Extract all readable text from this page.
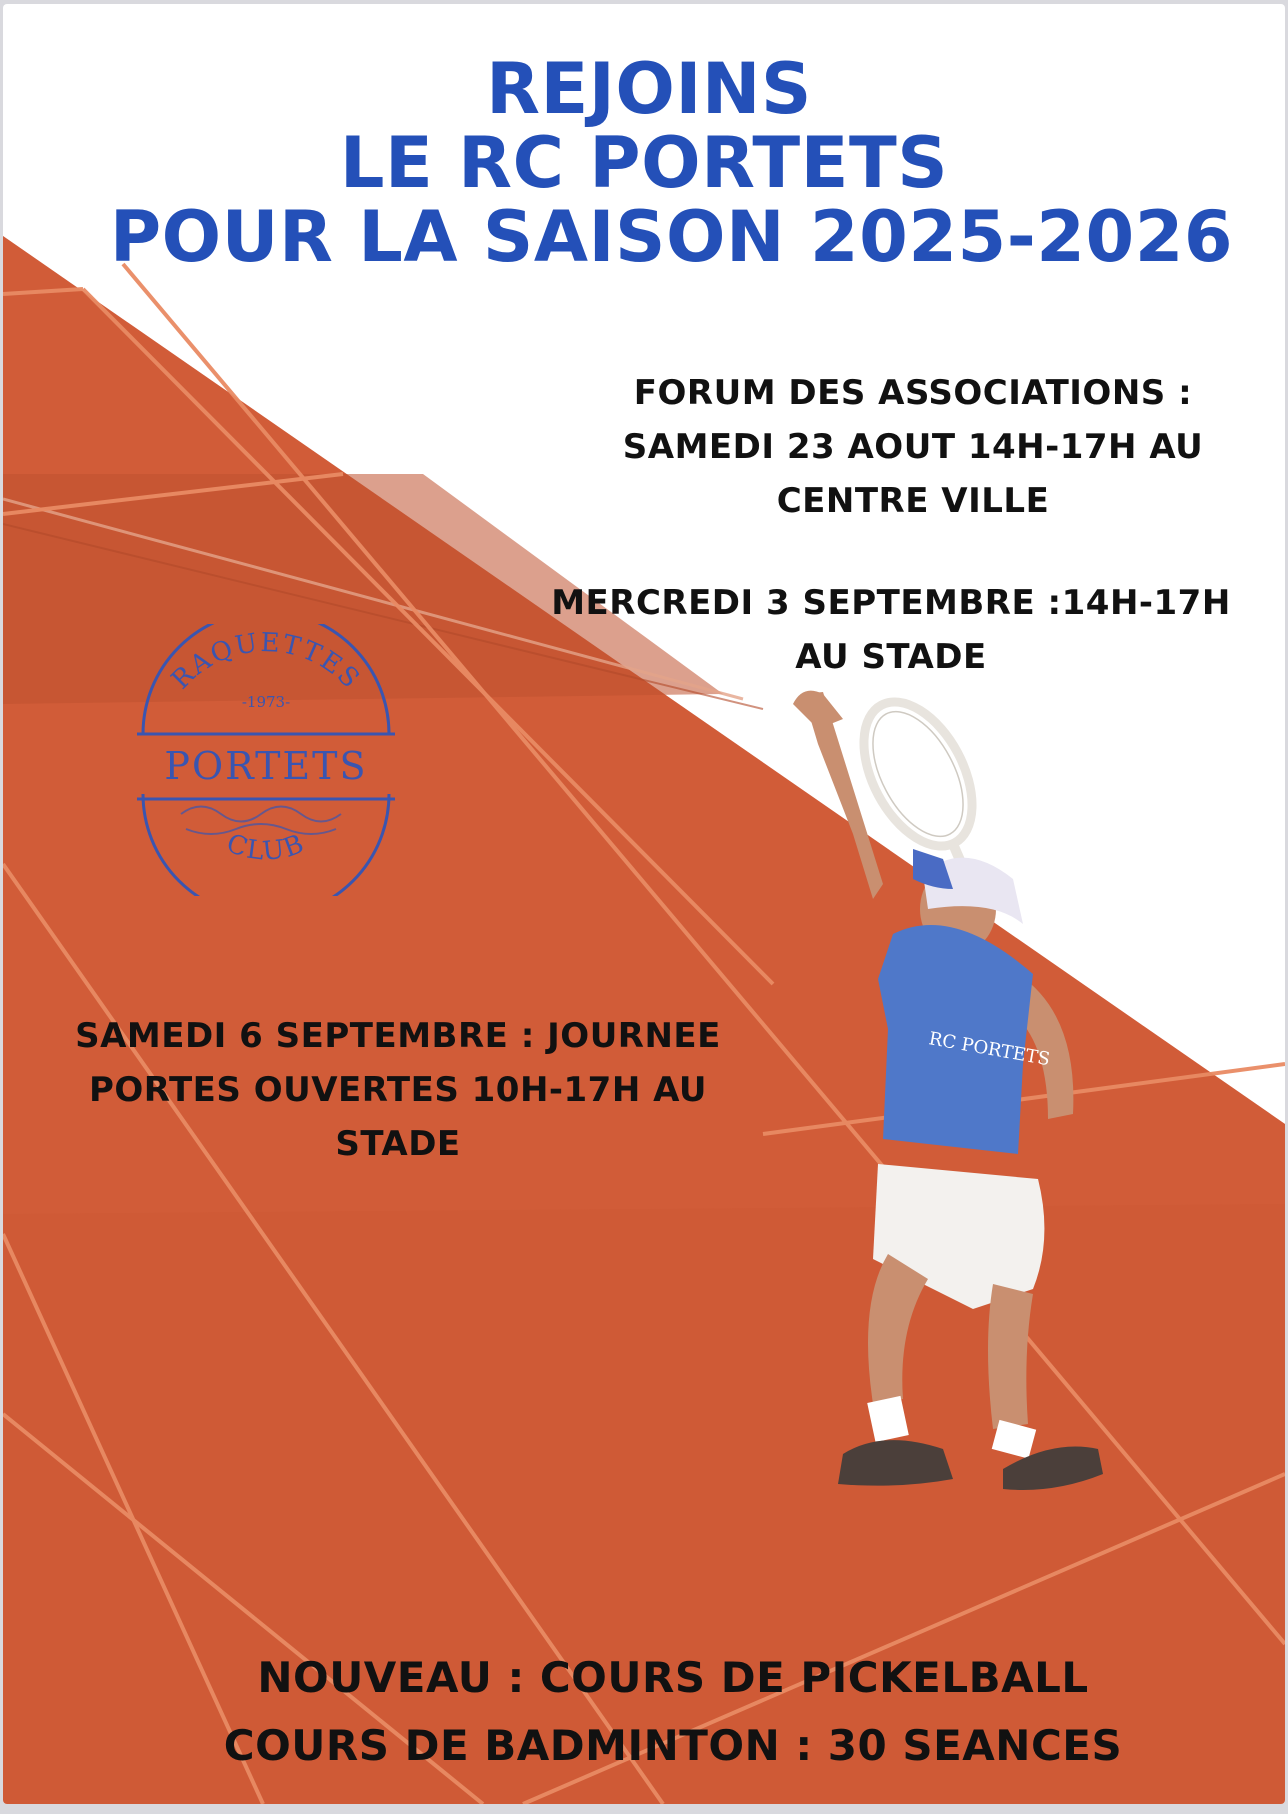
REJOINS
LE RC PORTETS
POUR LA SAISON 2025-2026
FORUM DES ASSOCIATIONS :
SAMEDI 23 AOUT 14H-17H AU
CENTRE VILLE
MERCREDI 3 SEPTEMBRE :14H-17H
AU STADE
RAQUETTES
-1973-
PORTETS
CLUB
RC PORTETS
SAMEDI 6 SEPTEMBRE : JOURNEE
PORTES OUVERTES 10H-17H AU
STADE
NOUVEAU : COURS DE PICKELBALL
COURS DE BADMINTON : 30 SEANCES
